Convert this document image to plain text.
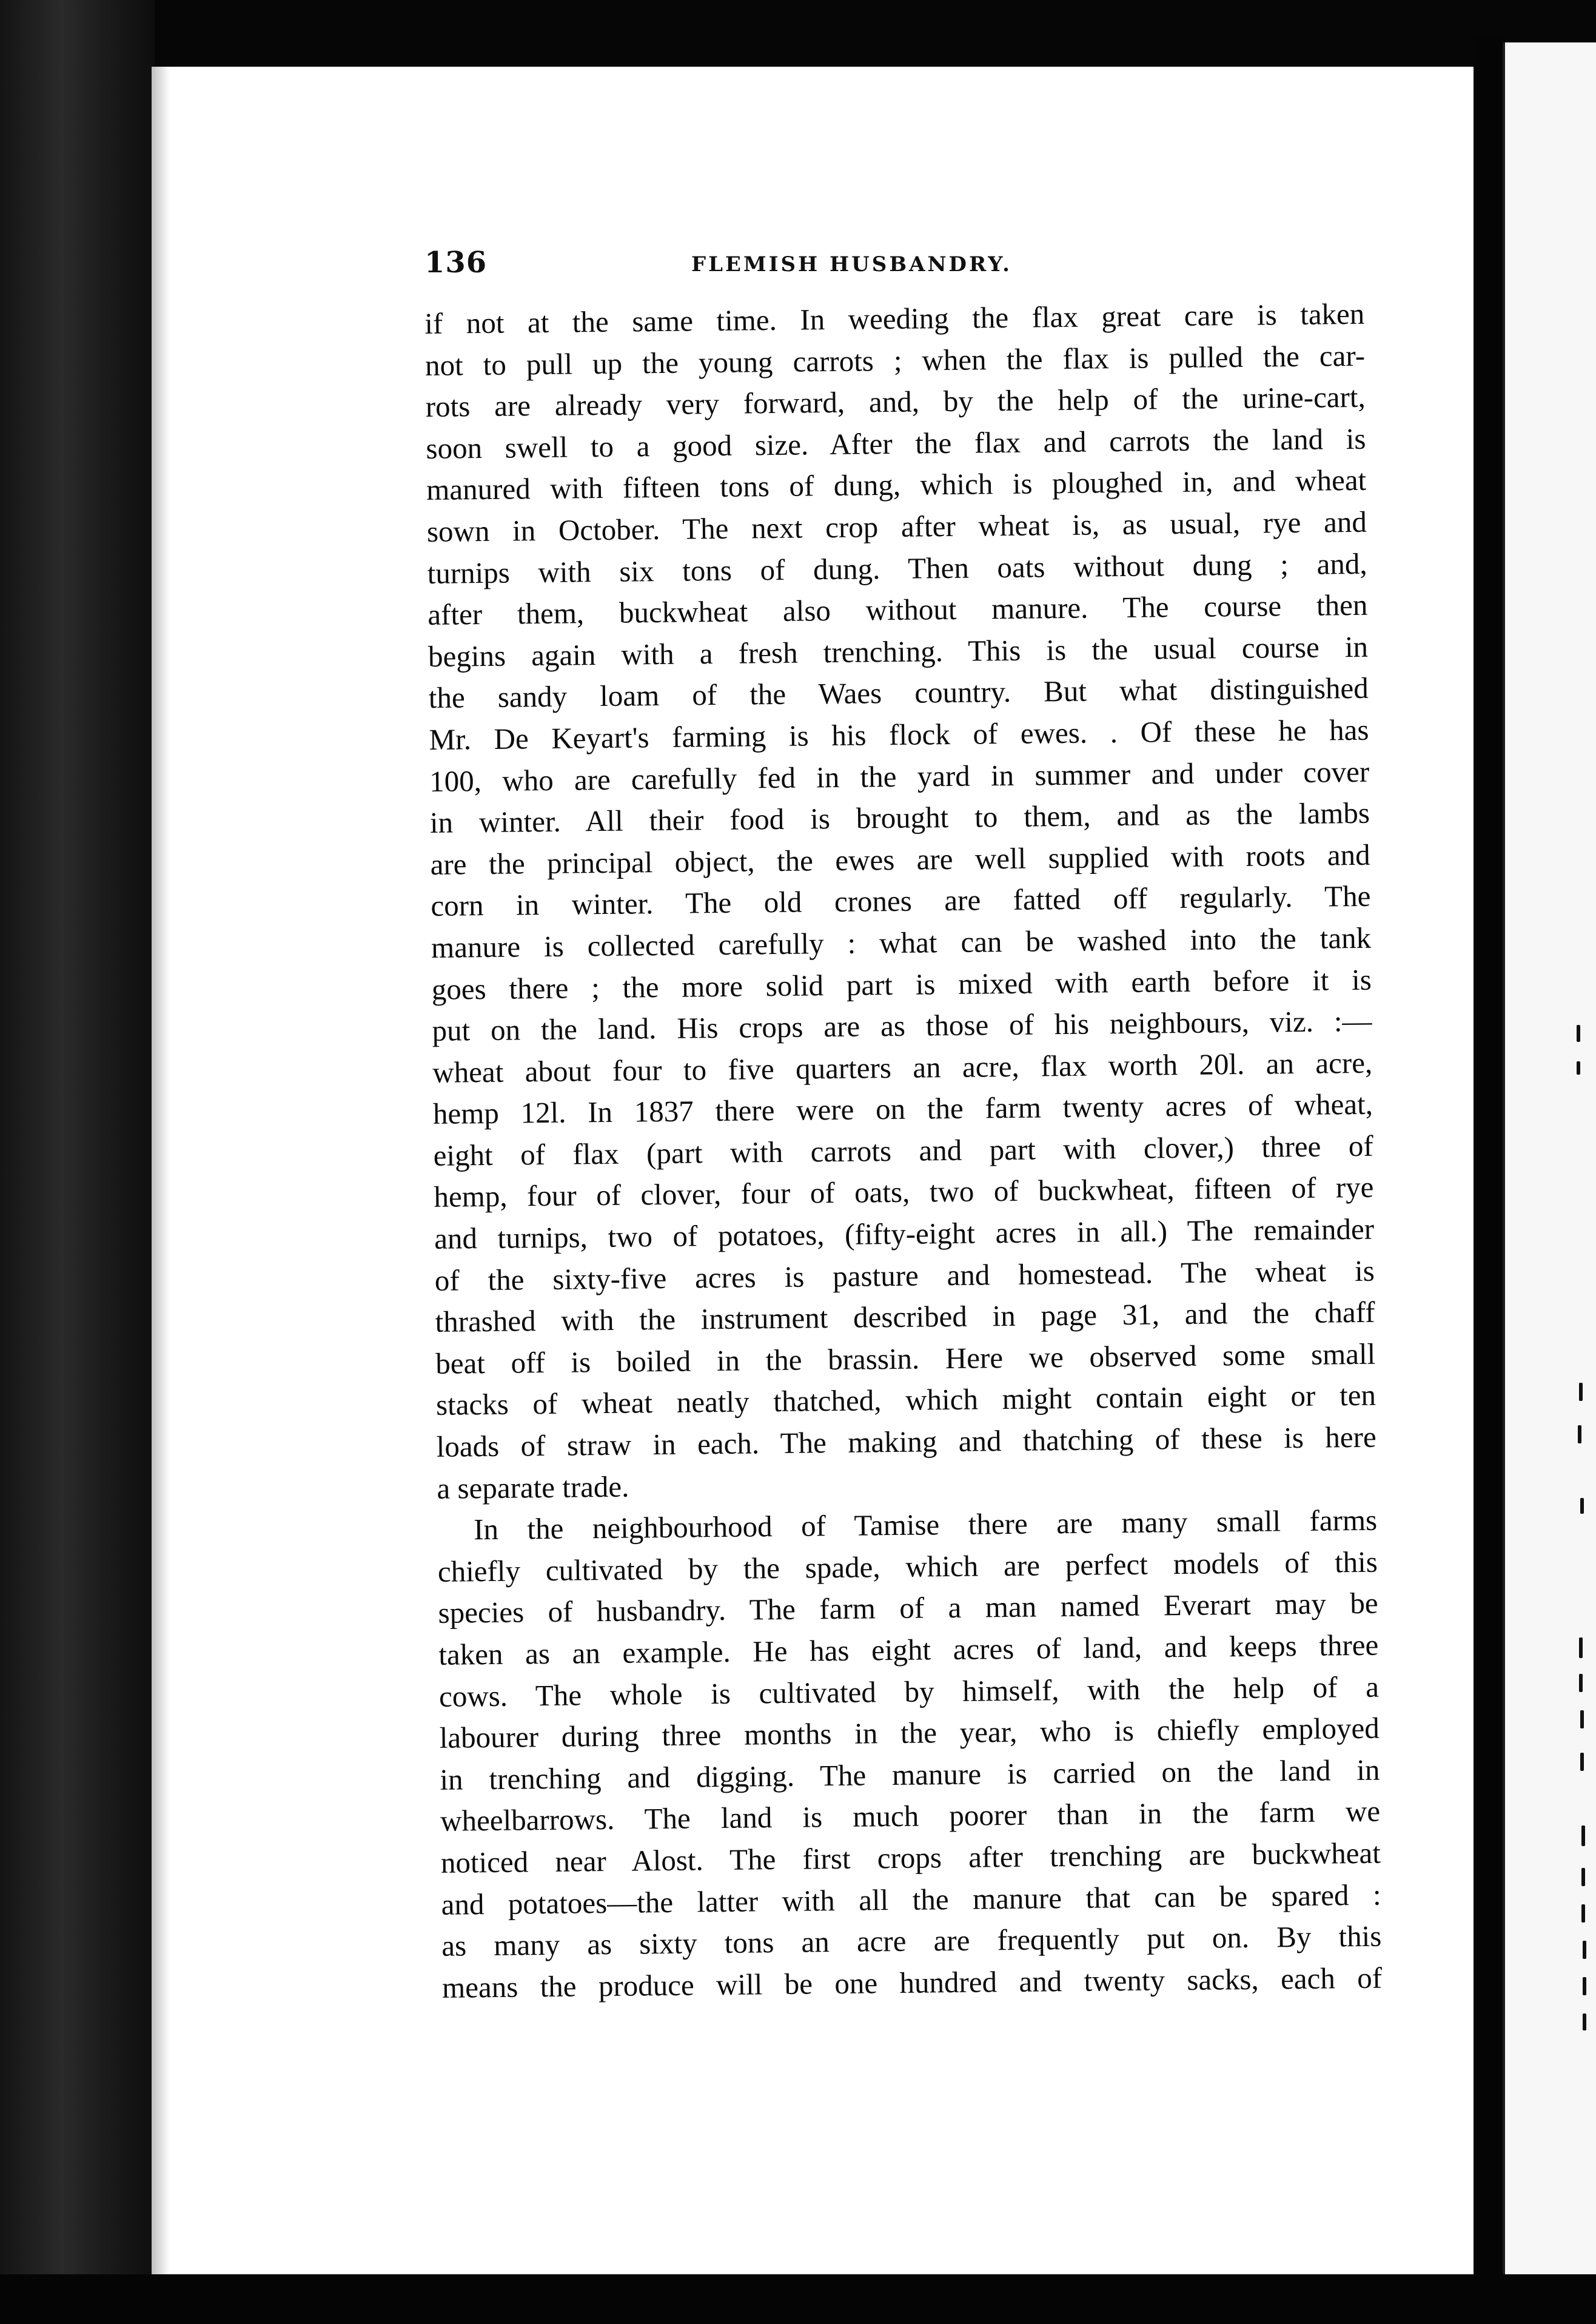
136	FLEMISH HUSBANDRY.
if not at the same time. In weeding the flax great care is taken
not to pull up the young carrots ; when the flax is pulled the car-
rots are already very forward, and, by the help of the urine-cart,
soon swell to a good size. After the flax and carrots the land is
manured with fifteen tons of dung, which is ploughed in, and wheat
sown in October. The next crop after wheat is, as usual, rye and
turnips with six tons of dung. Then oats without dung ; and,
after them, buckwheat also without manure. The course then
begins again with a fresh trenching. This is the usual course in
the sandy loam of the Waes country. But what distinguished
Mr. De Keyart's farming is his flock of ewes. . Of these he has
100, who are carefully fed in the yard in summer and under cover
in winter. All their food is brought to them, and as the lambs
are the principal object, the ewes are well supplied with roots and
corn in winter. The old crones are fatted off regularly. The
manure is collected carefully : what can be washed into the tank
goes there ; the more solid part is mixed with earth before it is
put on the land. His crops are as those of his neighbours, viz. :—
wheat about four to five quarters an acre, flax worth 20l. an acre,
hemp 12l. In 1837 there were on the farm twenty acres of wheat,
eight of flax (part with carrots and part with clover,) three of
hemp, four of clover, four of oats, two of buckwheat, fifteen of rye
and turnips, two of potatoes, (fifty-eight acres in all.) The remainder
of the sixty-five acres is pasture and homestead. The wheat is
thrashed with the instrument described in page 31, and the chaff
beat off is boiled in the brassin. Here we observed some small
stacks of wheat neatly thatched, which might contain eight or ten
loads of straw in each. The making and thatching of these is here
a separate trade.
In the neighbourhood of Tamise there are many small farms
chiefly cultivated by the spade, which are perfect models of this
species of husbandry. The farm of a man named Everart may be
taken as an example. He has eight acres of land, and keeps three
cows. The whole is cultivated by himself, with the help of a
labourer during three months in the year, who is chiefly employed
in trenching and digging. The manure is carried on the land in
wheelbarrows. The land is much poorer than in the farm we
noticed near Alost. The first crops after trenching are buckwheat
and potatoes—the latter with all the manure that can be spared :
as many as sixty tons an acre are frequently put on. By this
means the produce will be one hundred and twenty sacks, each of
